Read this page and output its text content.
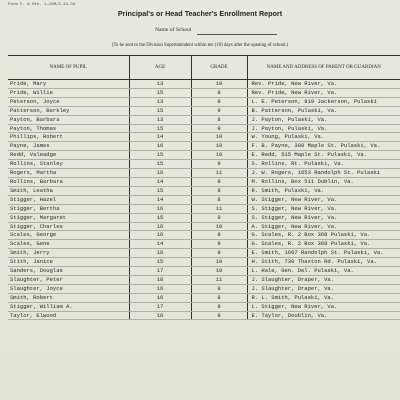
Form C. & Oth. 1—15M—5-24-34
Principal's or Head Teacher's Enrollment Report
Name of School
(To be sent to the Division Superintendent within ten (10) days after the opening of school.)
NAME OF PUPIL	AGE	GRADE	NAME AND ADDRESS OF PARENT OR GUARDIAN
Pride, Mary	13	10	Rev. Pride, New River, Va.
Pride, Willie	15	8	Rev. Pride, New River, Va.
Peterson, Joyce	13	8	L. E. Peterson, 919 Jackerson, Pulaski
Patterson, Berkley	15	9	B. Patterson, Pulaski, Va.
Payton, Barbara	13	8	J. Payton, Pulaski, Va.
Payton, Thomas	15	9	J. Payton, Pulaski, Va.
Phillips, Robert	14	10	W. Young, Pulaski, Va.
Payne, James	16	10	F. B. Payne, 308 Maple St. Pulaski, Va.
Redd, Valeadge	15	10	E. Redd, 515 Maple St. Pulaski, Va.
Rollins, Stanley	15	9	S. Rollins, Rt. Pulaski, Va.
Rogers, Martha	16	11	J. W. Rogers, 1653 Randolph St. Pulaski
Rollins, Barbara	14	8	M. Rollins, Box 511 Dublin, Va.
Smith, Leatha	15	8	R. Smith, Pulaski, Va.
Stigger, Hazel	14	8	W. Stigger, New River, Va.
Stigger, Bertha	16	11	S. Stigger, New River, Va.
Stigger, Margaret	15	9	S. Stigger, New River, Va.
Stigger, Charles	16	10	A. Stigger, New River, Va.
Scales, George	16	8	G. Scales, R. 2 Box 368 Pulaski, Va.
Scales, Gene	14	9	G. Scales, R. 2 Box 368 Pulaski, Va.
Smith, Jerry	16	9	E. Smith, 1607 Randolph St. Pulaski, Va.
Stith, Janice	15	10	H. Stith, 730 Thaxton Rd. Pulaski, Va.
Sanders, Douglas	17	10	L. Hale, Gen. Del. Pulaski, Va.
Slaughter, Peter	18	11	J. Slaughter, Draper, Va.
Slaughter, Joyce	16	8	J. Slaughter, Draper, Va.
Smith, Robert	16	8	R. L. Smith, Pulaski, Va.
Stigger, William A.	17	8	L. Stigger, New River, Va.
Taylor, Elwood	16	8	E. Taylor, Doublin, Va.
